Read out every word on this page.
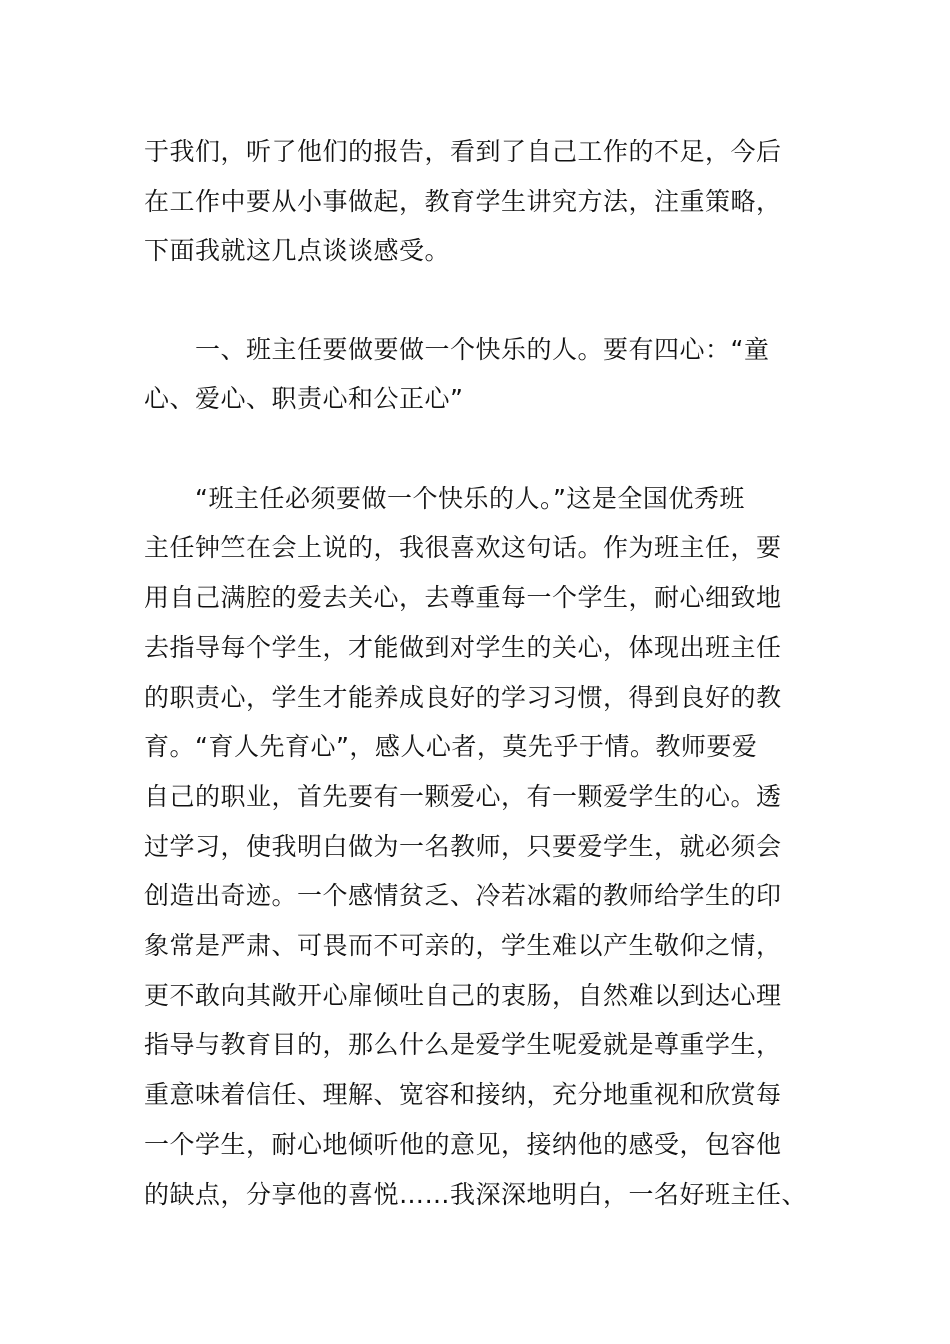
于我们，听了他们的报告，看到了自己工作的不足，今后
在工作中要从小事做起，教育学生讲究方法，注重策略，
下面我就这几点谈谈感受。
一、班主任要做要做一个快乐的人。要有四心：“童
心、爱心、职责心和公正心”
“班主任必须要做一个快乐的人。”这是全国优秀班
主任钟竺在会上说的，我很喜欢这句话。作为班主任，要
用自己满腔的爱去关心，去尊重每一个学生，耐心细致地
去指导每个学生，才能做到对学生的关心，体现出班主任
的职责心，学生才能养成良好的学习习惯，得到良好的教
育。“育人先育心”，感人心者，莫先乎于情。教师要爱
自己的职业，首先要有一颗爱心，有一颗爱学生的心。透
过学习，使我明白做为一名教师，只要爱学生，就必须会
创造出奇迹。一个感情贫乏、冷若冰霜的教师给学生的印
象常是严肃、可畏而不可亲的，学生难以产生敬仰之情，
更不敢向其敞开心扉倾吐自己的衷肠，自然难以到达心理
指导与教育目的，那么什么是爱学生呢爱就是尊重学生，
重意味着信任、理解、宽容和接纳，充分地重视和欣赏每
一个学生，耐心地倾听他的意见，接纳他的感受，包容他
的缺点，分享他的喜悦……我深深地明白，一名好班主任、
